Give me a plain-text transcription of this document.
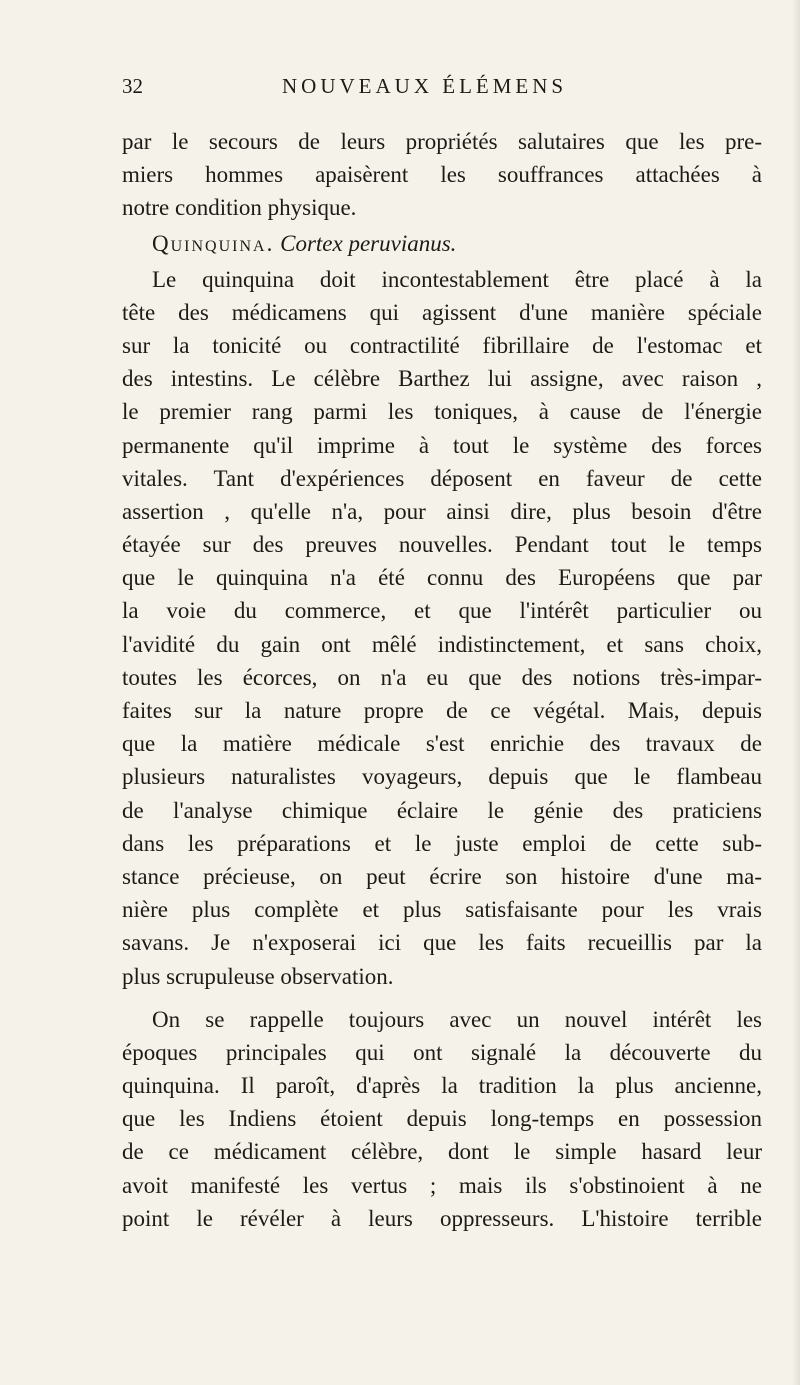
32	NOUVEAUX ÉLÉMENS
par le secours de leurs propriétés salutaires que les pre-
miers hommes apaisèrent les souffrances attachées à
notre condition physique.
Quinquina. Cortex peruvianus.
Le quinquina doit incontestablement être placé à la
tête des médicamens qui agissent d'une manière spéciale
sur la tonicité ou contractilité fibrillaire de l'estomac et
des intestins. Le célèbre Barthez lui assigne, avec raison ,
le premier rang parmi les toniques, à cause de l'énergie
permanente qu'il imprime à tout le système des forces
vitales. Tant d'expériences déposent en faveur de cette
assertion , qu'elle n'a, pour ainsi dire, plus besoin d'être
étayée sur des preuves nouvelles. Pendant tout le temps
que le quinquina n'a été connu des Européens que par
la voie du commerce, et que l'intérêt particulier ou
l'avidité du gain ont mêlé indistinctement, et sans choix,
toutes les écorces, on n'a eu que des notions très-impar-
faites sur la nature propre de ce végétal. Mais, depuis
que la matière médicale s'est enrichie des travaux de
plusieurs naturalistes voyageurs, depuis que le flambeau
de l'analyse chimique éclaire le génie des praticiens
dans les préparations et le juste emploi de cette sub-
stance précieuse, on peut écrire son histoire d'une ma-
nière plus complète et plus satisfaisante pour les vrais
savans. Je n'exposerai ici que les faits recueillis par la
plus scrupuleuse observation.
On se rappelle toujours avec un nouvel intérêt les
époques principales qui ont signalé la découverte du
quinquina. Il paroît, d'après la tradition la plus ancienne,
que les Indiens étoient depuis long-temps en possession
de ce médicament célèbre, dont le simple hasard leur
avoit manifesté les vertus ; mais ils s'obstinoient à ne
point le révéler à leurs oppresseurs. L'histoire terrible
